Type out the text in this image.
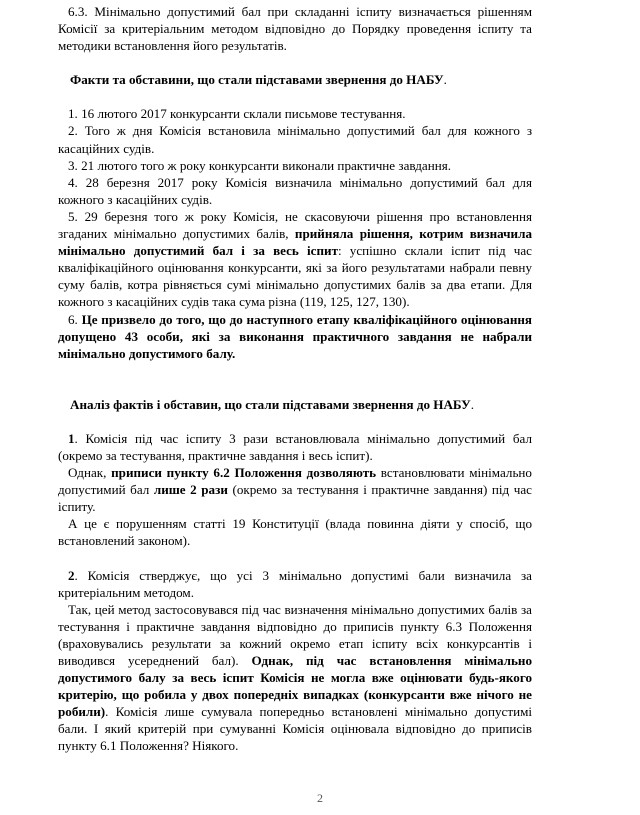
6.3. Мінімально допустимий бал при складанні іспиту визначається рішенням Комісії за критеріальним методом відповідно до Порядку проведення іспиту та методики встановлення його результатів.

Факти та обставини, що стали підставами звернення до НАБУ.

1. 16 лютого 2017 конкурсанти склали письмове тестування.

2. Того ж дня Комісія встановила мінімально допустимий бал для кожного з касаційних судів.

3. 21 лютого того ж року конкурсанти виконали практичне завдання.

4. 28 березня 2017 року Комісія визначила мінімально допустимий бал для кожного з касаційних судів.

5. 29 березня того ж року Комісія, не скасовуючи рішення про встановлення згаданих мінімально допустимих балів, прийняла рішення, котрим визначила мінімально допустимий бал і за весь іспит: успішно склали іспит під час кваліфікаційного оцінювання конкурсанти, які за його результатами набрали певну суму балів, котра рівняється сумі мінімально допустимих балів за два етапи. Для кожного з касаційних судів така сума різна (119, 125, 127, 130).

6. Це призвело до того, що до наступного етапу кваліфікаційного оцінювання допущено 43 особи, які за виконання практичного завдання не набрали мінімально допустимого балу.

Аналіз фактів і обставин, що стали підставами звернення до НАБУ.

1. Комісія під час іспиту 3 рази встановлювала мінімально допустимий бал (окремо за тестування, практичне завдання і весь іспит).

Однак, приписи пункту 6.2 Положення дозволяють встановлювати мінімально допустимий бал лише 2 рази (окремо за тестування і практичне завдання) під час іспиту.

А це є порушенням статті 19 Конституції (влада повинна діяти у спосіб, що встановлений законом).

2. Комісія стверджує, що усі 3 мінімально допустимі бали визначила за критеріальним методом.

Так, цей метод застосовувався під час визначення мінімально допустимих балів за тестування і практичне завдання відповідно до приписів пункту 6.3 Положення (враховувались результати за кожний окремо етап іспиту всіх конкурсантів і виводився усереднений бал). Однак, під час встановлення мінімально допустимого балу за весь іспит Комісія не могла вже оцінювати будь-якого критерію, що робила у двох попередніх випадках (конкурсанти вже нічого не робили). Комісія лише сумувала попередньо встановлені мінімально допустимі бали. І який критерій при сумуванні Комісія оцінювала відповідно до приписів пункту 6.1 Положення? Ніякого.

2
